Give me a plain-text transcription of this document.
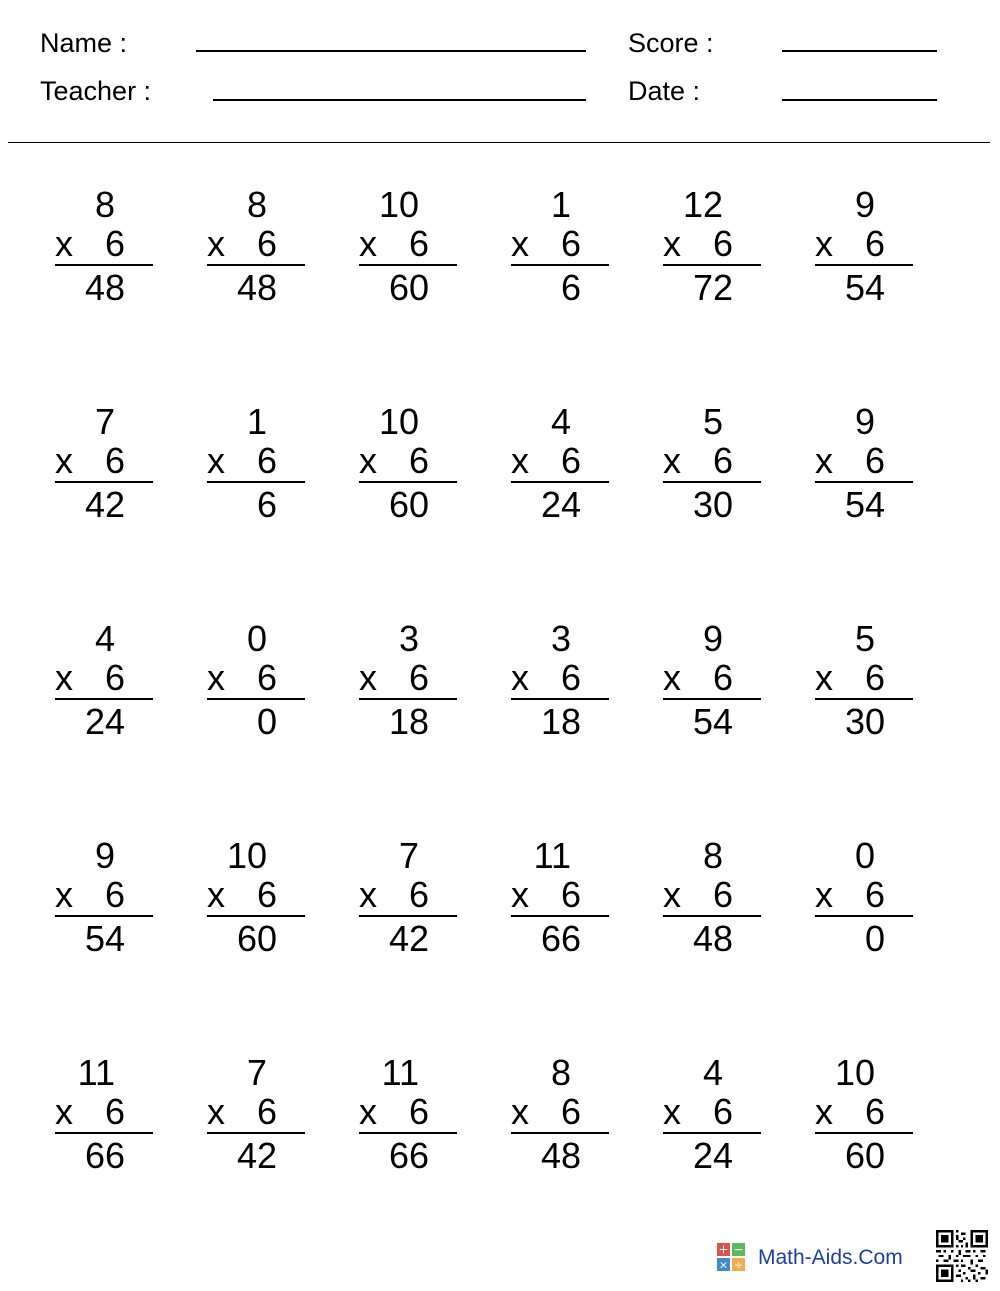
Name :
Teacher :
Score :
Date :
8
x 6
48
8
x 6
48
10
x 6
60
1
x 6
6
12
x 6
72
9
x 6
54
7
x 6
42
1
x 6
6
10
x 6
60
4
x 6
24
5
x 6
30
9
x 6
54
4
x 6
24
0
x 6
0
3
x 6
18
3
x 6
18
9
x 6
54
5
x 6
30
9
x 6
54
10
x 6
60
7
x 6
42
11
x 6
66
8
x 6
48
0
x 6
0
11
x 6
66
7
x 6
42
11
x 6
66
8
x 6
48
4
x 6
24
10
x 6
60
+ −
× ÷ Math-Aids.Com
